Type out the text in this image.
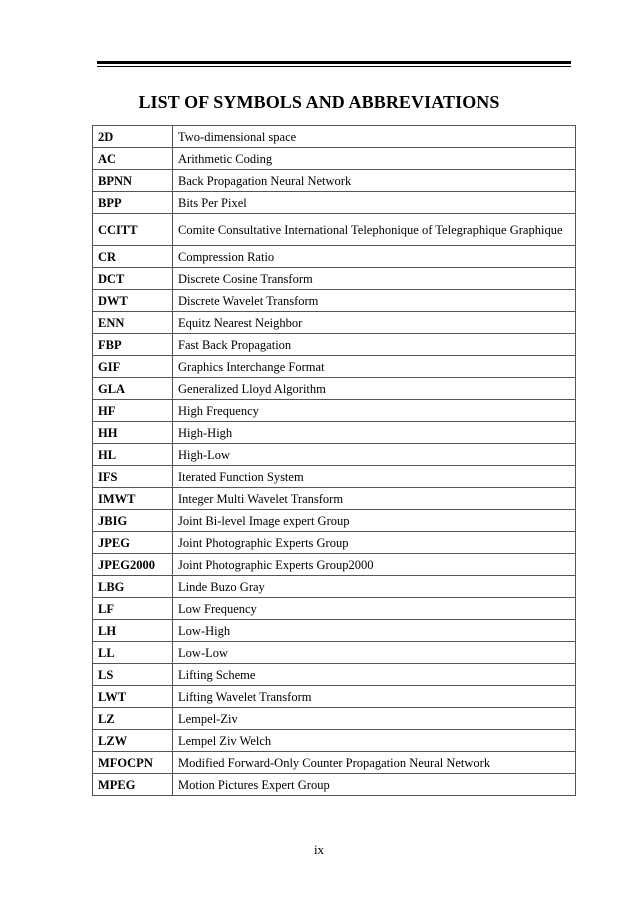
LIST OF SYMBOLS AND ABBREVIATIONS
2D	Two-dimensional space
AC	Arithmetic Coding
BPNN	Back Propagation Neural Network
BPP	Bits Per Pixel
CCITT	Comite Consultative International Telephonique of Telegraphique Graphique
CR	Compression Ratio
DCT	Discrete Cosine Transform
DWT	Discrete Wavelet Transform
ENN	Equitz Nearest Neighbor
FBP	Fast Back Propagation
GIF	Graphics Interchange Format
GLA	Generalized Lloyd Algorithm
HF	High Frequency
HH	High-High
HL	High-Low
IFS	Iterated Function System
IMWT	Integer Multi Wavelet Transform
JBIG	Joint Bi-level Image expert Group
JPEG	Joint Photographic Experts Group
JPEG2000	Joint Photographic Experts Group2000
LBG	Linde Buzo Gray
LF	Low Frequency
LH	Low-High
LL	Low-Low
LS	Lifting Scheme
LWT	Lifting Wavelet Transform
LZ	Lempel-Ziv
LZW	Lempel Ziv Welch
MFOCPN	Modified Forward-Only Counter Propagation Neural Network
MPEG	Motion Pictures Expert Group
ix
